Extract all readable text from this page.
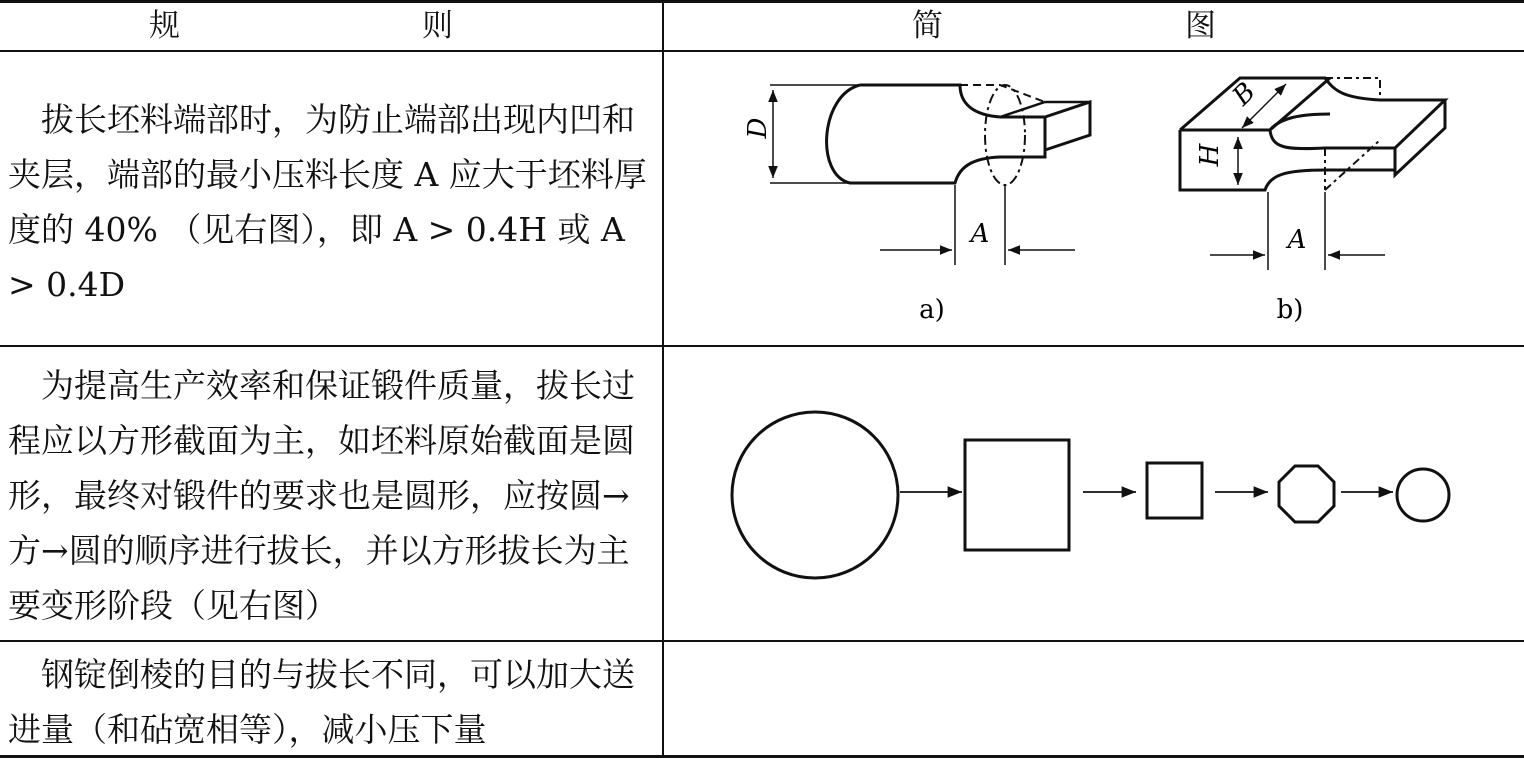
规　　则	简　　图
拔长坯料端部时，为防止端部出现内凹和夹层，端部的最小压料长度 A 应大于坯料厚度的 40% （见右图），即 A > 0.4H 或 A > 0.4D
为提高生产效率和保证锻件质量，拔长过程应以方形截面为主，如坯料原始截面是圆形，最终对锻件的要求也是圆形，应按圆→方→圆的顺序进行拔长，并以方形拔长为主要变形阶段（见右图）
钢锭倒棱的目的与拔长不同，可以加大送进量（和砧宽相等），减小压下量
D
A
a)
B
H
A
b)
